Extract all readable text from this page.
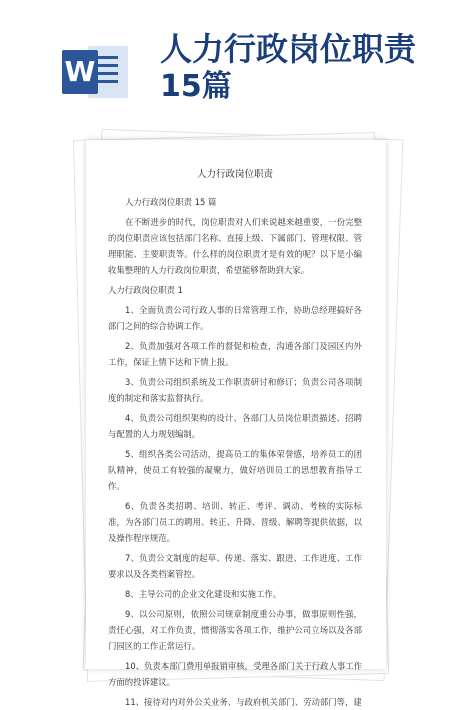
W
人力行政岗位职责
15篇
人力行政岗位职责

人力行政岗位职责 15 篇

在不断进步的时代，岗位职责对人们来说越来越重要，一份完整的岗位职责应该包括部门名称、直接上级、下属部门、管理权限、管理职能、主要职责等。什么样的岗位职责才是有效的呢？以下是小编收集整理的人力行政岗位职责，希望能够帮助到大家。

人力行政岗位职责 1

1、全面负责公司行政人事的日常管理工作，协助总经理搞好各部门之间的综合协调工作。

2、负责加强对各项工作的督促和检查，沟通各部门及园区内外工作，保证上情下达和下情上报。

3、负责公司组织系统及工作职责研讨和修订；负责公司各项制度的制定和落实监督执行。

4、负责公司组织架构的设计、各部门人员岗位职责描述、招聘与配置的人力规划编制。

5、组织各类公司活动，提高员工的集体荣誉感，培养员工的团队精神，使员工有较强的凝聚力，做好培训员工的思想教育指导工作。

6、负责各类招聘、培训、转正、考评、调动、考核的实际标准，为各部门员工的聘用、转正、升降、晋级、解聘等提供依据，以及操作程序规范。

7、负责公文制度的起草、传递、落实、跟进、工作进度、工作要求以及各类档案管控。

8、主导公司的企业文化建设和实施工作。

9、以公司原则，依照公司规章制度重公办事，做事原则性强，责任心强，对工作负责，惯彻落实各项工作，维护公司立场以及各部门园区的工作正常运行。

10、负责本部门费用单报销审核，受理各部门关于行政人事工作方面的投诉建议。

11、接待对内对外公关业务、与政府机关部门、劳动部门等，建
